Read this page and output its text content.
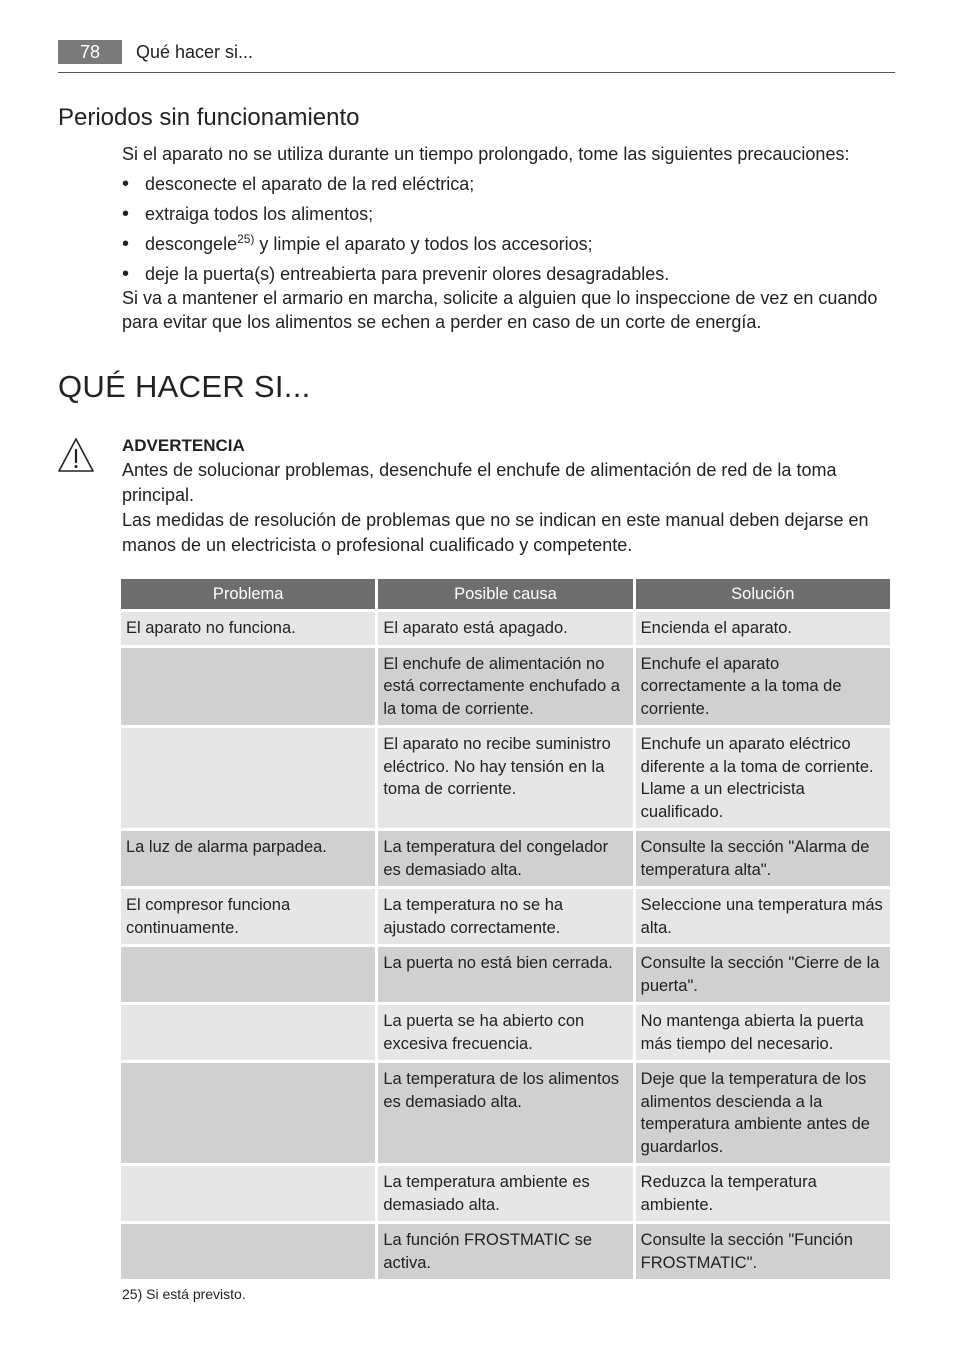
78	Qué hacer si...
Periodos sin funcionamiento

Si el aparato no se utiliza durante un tiempo prolongado, tome las siguientes precauciones:

• desconecte el aparato de la red eléctrica;
• extraiga todos los alimentos;
• descongele$^{25)}$ y limpie el aparato y todos los accesorios;
• deje la puerta(s) entreabierta para prevenir olores desagradables.

Si va a mantener el armario en marcha, solicite a alguien que lo inspeccione de vez en cuando para evitar que los alimentos se echen a perder en caso de un corte de energía.

QUÉ HACER SI...

ADVERTENCIA

Antes de solucionar problemas, desenchufe el enchufe de alimentación de red de la toma principal.

Las medidas de resolución de problemas que no se indican en este manual deben dejarse en manos de un electricista o profesional cualificado y competente.

Problema	Posible causa	Solución
El aparato no funciona.	El aparato está apagado.	Encienda el aparato.
	El enchufe de alimentación no está correctamente enchufado a la toma de corriente.	Enchufe el aparato correctamente a la toma de corriente.
	El aparato no recibe suministro eléctrico. No hay tensión en la toma de corriente.	Enchufe un aparato eléctrico diferente a la toma de corriente. Llame a un electricista cualificado.
La luz de alarma parpadea.	La temperatura del congelador es demasiado alta.	Consulte la sección "Alarma de temperatura alta".
El compresor funciona continuamente.	La temperatura no se ha ajustado correctamente.	Seleccione una temperatura más alta.
	La puerta no está bien cerrada.	Consulte la sección "Cierre de la puerta".
	La puerta se ha abierto con excesiva frecuencia.	No mantenga abierta la puerta más tiempo del necesario.
	La temperatura de los alimentos es demasiado alta.	Deje que la temperatura de los alimentos descienda a la temperatura ambiente antes de guardarlos.
	La temperatura ambiente es demasiado alta.	Reduzca la temperatura ambiente.
	La función FROSTMATIC se activa.	Consulte la sección "Función FROSTMATIC".
25) Si está previsto.
